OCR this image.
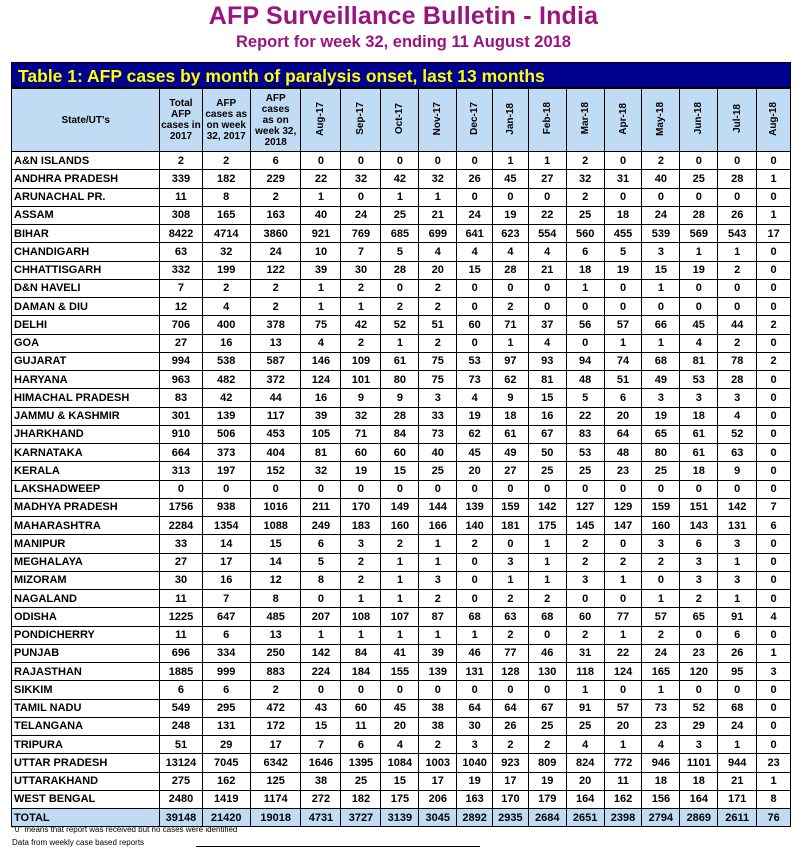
AFP Surveillance Bulletin - India
Report for week 32, ending 11 August 2018
Table 1: AFP cases by month of paralysis onset, last 13 months
State/UT's	Total
AFP
cases in
2017	AFP
cases as
on week
32, 2017	AFP cases
as on
week 32,
2018	Aug-17	Sep-17	Oct-17	Nov-17	Dec-17	Jan-18	Feb-18	Mar-18	Apr-18	May-18	Jun-18	Jul-18	Aug-18
A&N ISLANDS	2	2	6	0	0	0	0	0	1	1	2	0	2	0	0	0
ANDHRA PRADESH	339	182	229	22	32	42	32	26	45	27	32	31	40	25	28	1
ARUNACHAL PR.	11	8	2	1	0	1	1	0	0	0	2	0	0	0	0	0
ASSAM	308	165	163	40	24	25	21	24	19	22	25	18	24	28	26	1
BIHAR	8422	4714	3860	921	769	685	699	641	623	554	560	455	539	569	543	17
CHANDIGARH	63	32	24	10	7	5	4	4	4	4	6	5	3	1	1	0
CHHATTISGARH	332	199	122	39	30	28	20	15	28	21	18	19	15	19	2	0
D&N HAVELI	7	2	2	1	2	0	2	0	0	0	1	0	1	0	0	0
DAMAN & DIU	12	4	2	1	1	2	2	0	2	0	0	0	0	0	0	0
DELHI	706	400	378	75	42	52	51	60	71	37	56	57	66	45	44	2
GOA	27	16	13	4	2	1	2	0	1	4	0	1	1	4	2	0
GUJARAT	994	538	587	146	109	61	75	53	97	93	94	74	68	81	78	2
HARYANA	963	482	372	124	101	80	75	73	62	81	48	51	49	53	28	0
HIMACHAL PRADESH	83	42	44	16	9	9	3	4	9	15	5	6	3	3	3	0
JAMMU & KASHMIR	301	139	117	39	32	28	33	19	18	16	22	20	19	18	4	0
JHARKHAND	910	506	453	105	71	84	73	62	61	67	83	64	65	61	52	0
KARNATAKA	664	373	404	81	60	60	40	45	49	50	53	48	80	61	63	0
KERALA	313	197	152	32	19	15	25	20	27	25	25	23	25	18	9	0
LAKSHADWEEP	0	0	0	0	0	0	0	0	0	0	0	0	0	0	0	0
MADHYA PRADESH	1756	938	1016	211	170	149	144	139	159	142	127	129	159	151	142	7
MAHARASHTRA	2284	1354	1088	249	183	160	166	140	181	175	145	147	160	143	131	6
MANIPUR	33	14	15	6	3	2	1	2	0	1	2	0	3	6	3	0
MEGHALAYA	27	17	14	5	2	1	1	0	3	1	2	2	2	3	1	0
MIZORAM	30	16	12	8	2	1	3	0	1	1	3	1	0	3	3	0
NAGALAND	11	7	8	0	1	1	2	0	2	2	0	0	1	2	1	0
ODISHA	1225	647	485	207	108	107	87	68	63	68	60	77	57	65	91	4
PONDICHERRY	11	6	13	1	1	1	1	1	2	0	2	1	2	0	6	0
PUNJAB	696	334	250	142	84	41	39	46	77	46	31	22	24	23	26	1
RAJASTHAN	1885	999	883	224	184	155	139	131	128	130	118	124	165	120	95	3
SIKKIM	6	6	2	0	0	0	0	0	0	0	1	0	1	0	0	0
TAMIL NADU	549	295	472	43	60	45	38	64	64	67	91	57	73	52	68	0
TELANGANA	248	131	172	15	11	20	38	30	26	25	25	20	23	29	24	0
TRIPURA	51	29	17	7	6	4	2	3	2	2	4	1	4	3	1	0
UTTAR PRADESH	13124	7045	6342	1646	1395	1084	1003	1040	923	809	824	772	946	1101	944	23
UTTARAKHAND	275	162	125	38	25	15	17	19	17	19	20	11	18	18	21	1
WEST BENGAL	2480	1419	1174	272	182	175	206	163	170	179	164	162	156	164	171	8
TOTAL	39148	21420	19018	4731	3727	3139	3045	2892	2935	2684	2651	2398	2794	2869	2611	76
"0" means that report was received but no cases were identified
Data from weekly case based reports
